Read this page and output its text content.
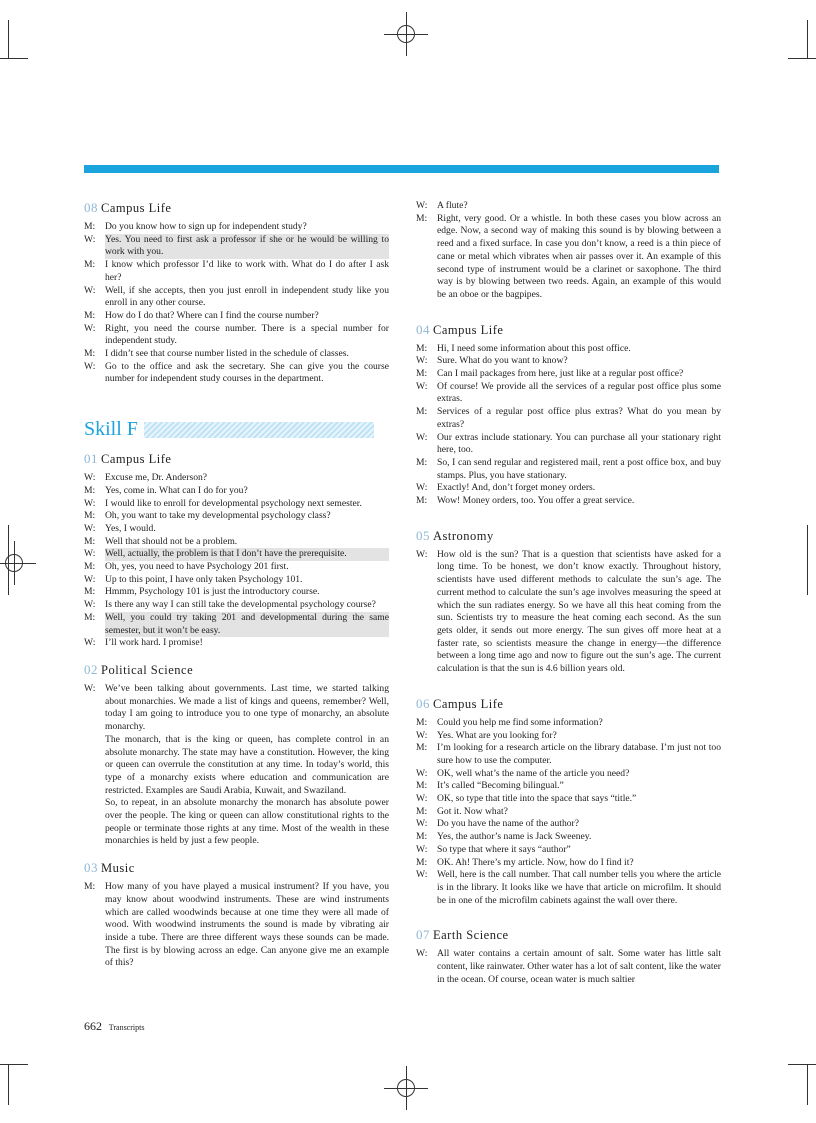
08 Campus Life
M:	Do you know how to sign up for independent study?
W:	Yes. You need to first ask a professor if she or he would be willing to work with you.
M:	I know which professor I’d like to work with. What do I do after I ask her?
W:	Well, if she accepts, then you just enroll in independent study like you enroll in any other course.
M:	How do I do that? Where can I find the course number?
W:	Right, you need the course number. There is a special number for independent study.
M:	I didn’t see that course number listed in the schedule of classes.
W:	Go to the office and ask the secretary. She can give you the course number for independent study courses in the department.
Skill F
01 Campus Life
W:	Excuse me, Dr. Anderson?
M:	Yes, come in. What can I do for you?
W:	I would like to enroll for developmental psychology next semester.
M:	Oh, you want to take my developmental psychology class?
W:	Yes, I would.
M:	Well that should not be a problem.
W:	Well, actually, the problem is that I don’t have the prerequisite.
M:	Oh, yes, you need to have Psychology 201 first.
W:	Up to this point, I have only taken Psychology 101.
M:	Hmmm, Psychology 101 is just the introductory course.
W:	Is there any way I can still take the developmental psychology course?
M:	Well, you could try taking 201 and developmental during the same semester, but it won’t be easy.
W:	I’ll work hard. I promise!
02 Political Science
W:	We’ve been talking about governments. Last time, we started talking about monarchies. We made a list of kings and queens, remember? Well, today I am going to introduce you to one type of monarchy, an absolute monarchy.
The monarch, that is the king or queen, has complete control in an absolute monarchy. The state may have a constitution. However, the king or queen can overrule the constitution at any time. In today’s world, this type of a monarchy exists where education and communication are restricted. Examples are Saudi Arabia, Kuwait, and Swaziland.
So, to repeat, in an absolute monarchy the monarch has absolute power over the people. The king or queen can allow constitutional rights to the people or terminate those rights at any time. Most of the wealth in these monarchies is held by just a few people.
03 Music
M:	How many of you have played a musical instrument? If you have, you may know about woodwind instruments. These are wind instruments which are called woodwinds because at one time they were all made of wood. With woodwind instruments the sound is made by vibrating air inside a tube. There are three different ways these sounds can be made. The first is by blowing across an edge. Can anyone give me an example of this?
W:	A flute?
M:	Right, very good. Or a whistle. In both these cases you blow across an edge. Now, a second way of making this sound is by blowing between a reed and a fixed surface. In case you don’t know, a reed is a thin piece of cane or metal which vibrates when air passes over it. An example of this second type of instrument would be a clarinet or saxophone. The third way is by blowing between two reeds. Again, an example of this would be an oboe or the bagpipes.
04 Campus Life
M:	Hi, I need some information about this post office.
W:	Sure. What do you want to know?
M:	Can I mail packages from here, just like at a regular post office?
W:	Of course! We provide all the services of a regular post office plus some extras.
M:	Services of a regular post office plus extras? What do you mean by extras?
W:	Our extras include stationary. You can purchase all your stationary right here, too.
M:	So, I can send regular and registered mail, rent a post office box, and buy stamps. Plus, you have stationary.
W:	Exactly! And, don’t forget money orders.
M:	Wow! Money orders, too. You offer a great service.
05 Astronomy
W:	How old is the sun? That is a question that scientists have asked for a long time. To be honest, we don’t know exactly. Throughout history, scientists have used different methods to calculate the sun’s age. The current method to calculate the sun’s age involves measuring the speed at which the sun radiates energy. So we have all this heat coming from the sun. Scientists try to measure the heat coming each second. As the sun gets older, it sends out more energy. The sun gives off more heat at a faster rate, so scientists measure the change in energy—the difference between a long time ago and now to figure out the sun’s age. The current calculation is that the sun is 4.6 billion years old.
06 Campus Life
M:	Could you help me find some information?
W:	Yes. What are you looking for?
M:	I’m looking for a research article on the library database. I’m just not too sure how to use the computer.
W:	OK, well what’s the name of the article you need?
M:	It’s called “Becoming bilingual.”
W:	OK, so type that title into the space that says “title.”
M:	Got it. Now what?
W:	Do you have the name of the author?
M:	Yes, the author’s name is Jack Sweeney.
W:	So type that where it says “author”
M:	OK. Ah! There’s my article. Now, how do I find it?
W:	Well, here is the call number. That call number tells you where the article is in the library. It looks like we have that article on microfilm. It should be in one of the microfilm cabinets against the wall over there.
07 Earth Science
W:	All water contains a certain amount of salt. Some water has little salt content, like rainwater. Other water has a lot of salt content, like the water in the ocean. Of course, ocean water is much saltier
662 Transcripts
